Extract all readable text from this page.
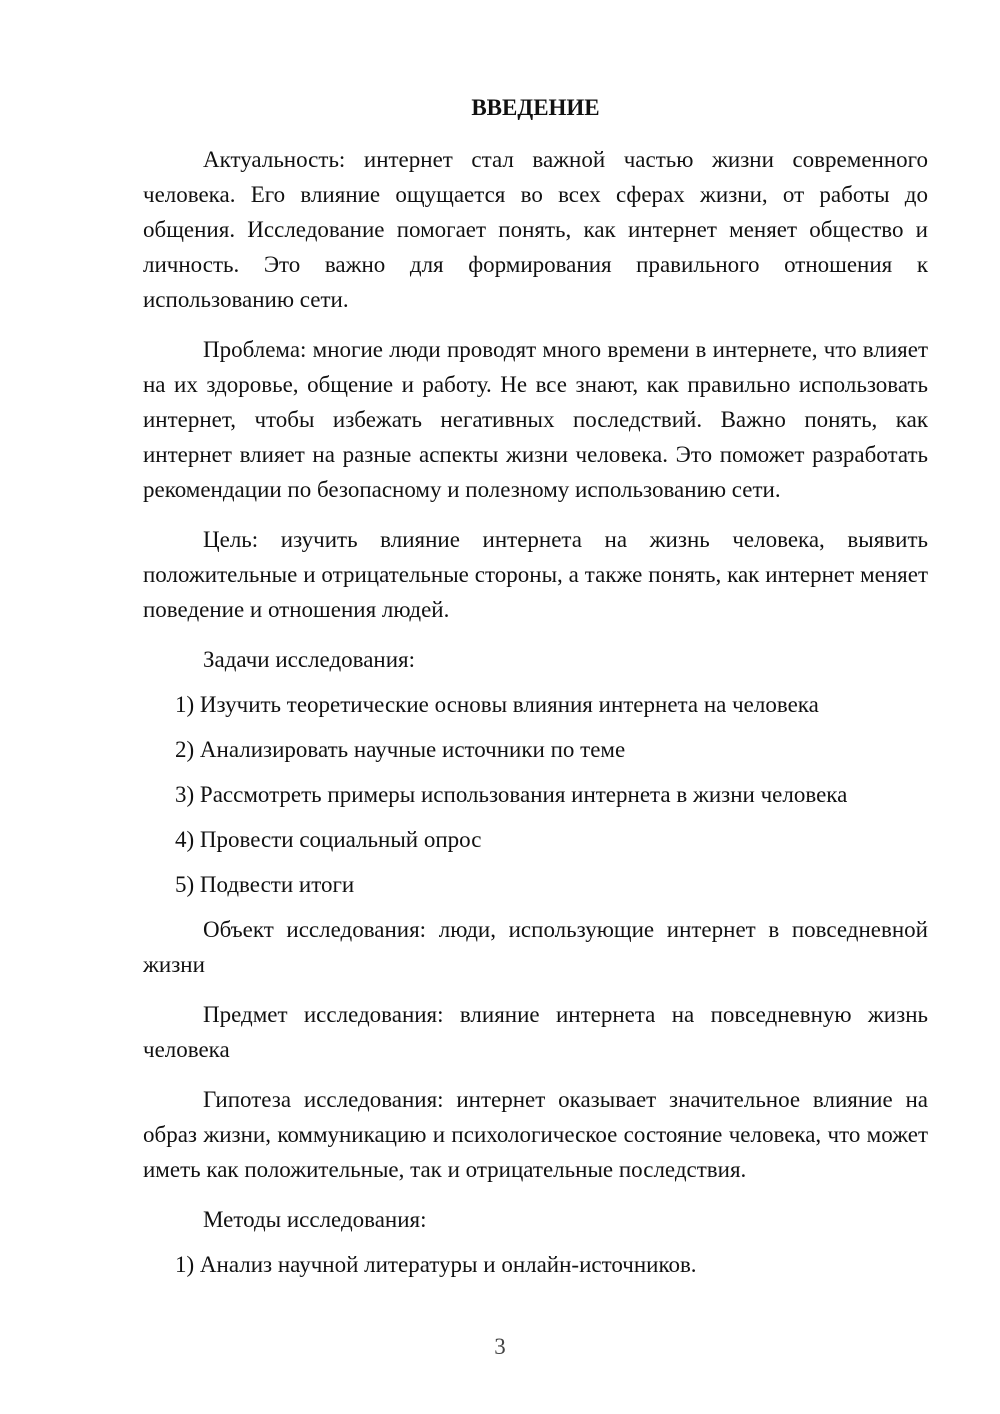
ВВЕДЕНИЕ

Актуальность: интернет стал важной частью жизни современного человека. Его влияние ощущается во всех сферах жизни, от работы до общения. Исследование помогает понять, как интернет меняет общество и личность. Это важно для формирования правильного отношения к использованию сети.

Проблема: многие люди проводят много времени в интернете, что влияет на их здоровье, общение и работу. Не все знают, как правильно использовать интернет, чтобы избежать негативных последствий. Важно понять, как интернет влияет на разные аспекты жизни человека. Это поможет разработать рекомендации по безопасному и полезному использованию сети.

Цель: изучить влияние интернета на жизнь человека, выявить положительные и отрицательные стороны, а также понять, как интернет меняет поведение и отношения людей.

Задачи исследования:

1) Изучить теоретические основы влияния интернета на человека

2) Анализировать научные источники по теме

3) Рассмотреть примеры использования интернета в жизни человека

4) Провести социальный опрос

5) Подвести итоги

Объект исследования: люди, использующие интернет в повседневной жизни

Предмет исследования: влияние интернета на повседневную жизнь человека

Гипотеза исследования: интернет оказывает значительное влияние на образ жизни, коммуникацию и психологическое состояние человека, что может иметь как положительные, так и отрицательные последствия.

Методы исследования:

1) Анализ научной литературы и онлайн-источников.

3
